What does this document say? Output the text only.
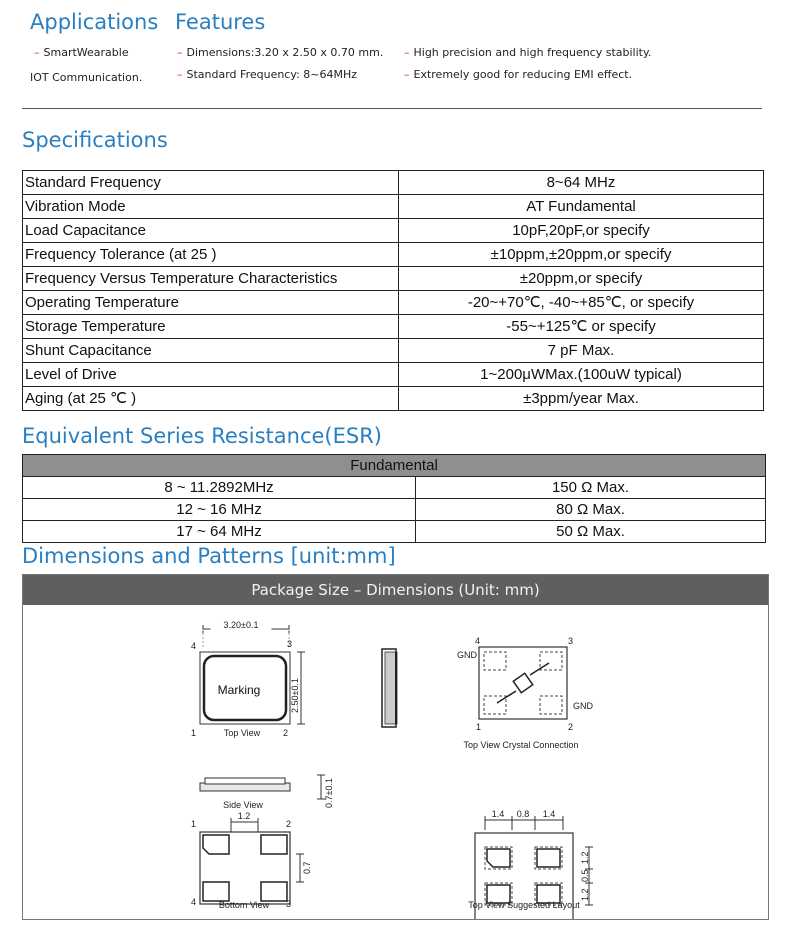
Applications
– SmartWearable
IOT Communication.
Features
– Dimensions:3.20 x 2.50 x 0.70 mm.
– Standard Frequency: 8~64MHz
– High precision and high frequency stability.
– Extremely good for reducing EMI effect.
Specifications
Standard Frequency	8~64 MHz
Vibration Mode	AT Fundamental
Load Capacitance	10pF,20pF,or specify
Frequency Tolerance (at 25 )	±10ppm,±20ppm,or specify
Frequency Versus Temperature Characteristics	±20ppm,or specify
Operating Temperature	-20~+70℃, -40~+85℃, or specify
Storage Temperature	-55~+125℃ or specify
Shunt Capacitance	7 pF Max.
Level of Drive	1~200μWMax.(100uW typical)
Aging (at 25 ℃ )	±3ppm/year Max.
Equivalent Series Resistance(ESR)
Fundamental	
8 ~ 11.2892MHz	150 Ω Max.
12 ~ 16 MHz	80 Ω Max.
17 ~ 64 MHz	50 Ω Max.
Dimensions and Patterns [unit:mm]
Package Size – Dimensions (Unit: mm)
3.20±0.1
Marking	2.50±0.1
4	3
1	2
Top View
0.7±0.1
Side View
GND
GND
4	3
1	2
Top View Crystal Connection
1.2
0.7
1	2
4	3
Bottom View
1.4 0.8 1.4
1.2
0.5
1.2
Top View Suggested Layout
